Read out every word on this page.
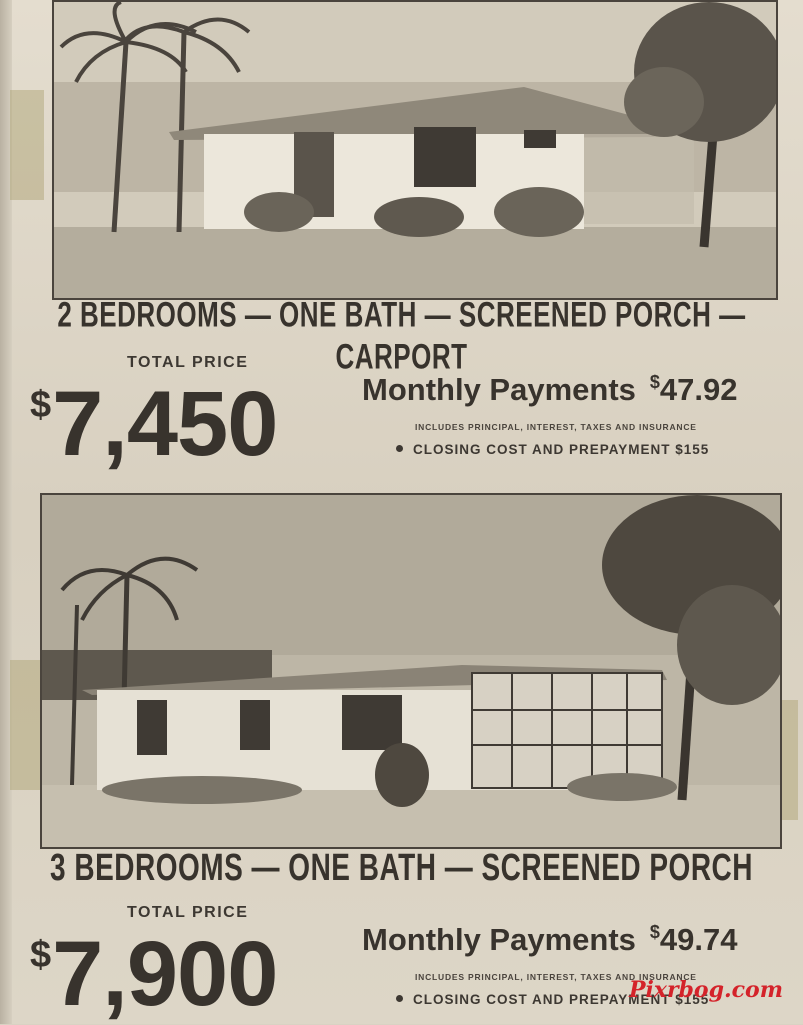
2 BEDROOMS — ONE BATH — SCREENED PORCH — CARPORT
TOTAL PRICE
$7,450	Monthly Payments $47.92
INCLUDES PRINCIPAL, INTEREST, TAXES AND INSURANCE
CLOSING COST AND PREPAYMENT $155
3 BEDROOMS — ONE BATH — SCREENED PORCH
TOTAL PRICE
$7,900	Monthly Payments $49.74
INCLUDES PRINCIPAL, INTEREST, TAXES AND INSURANCE
CLOSING COST AND PREPAYMENT $155
Pixrbog.com
